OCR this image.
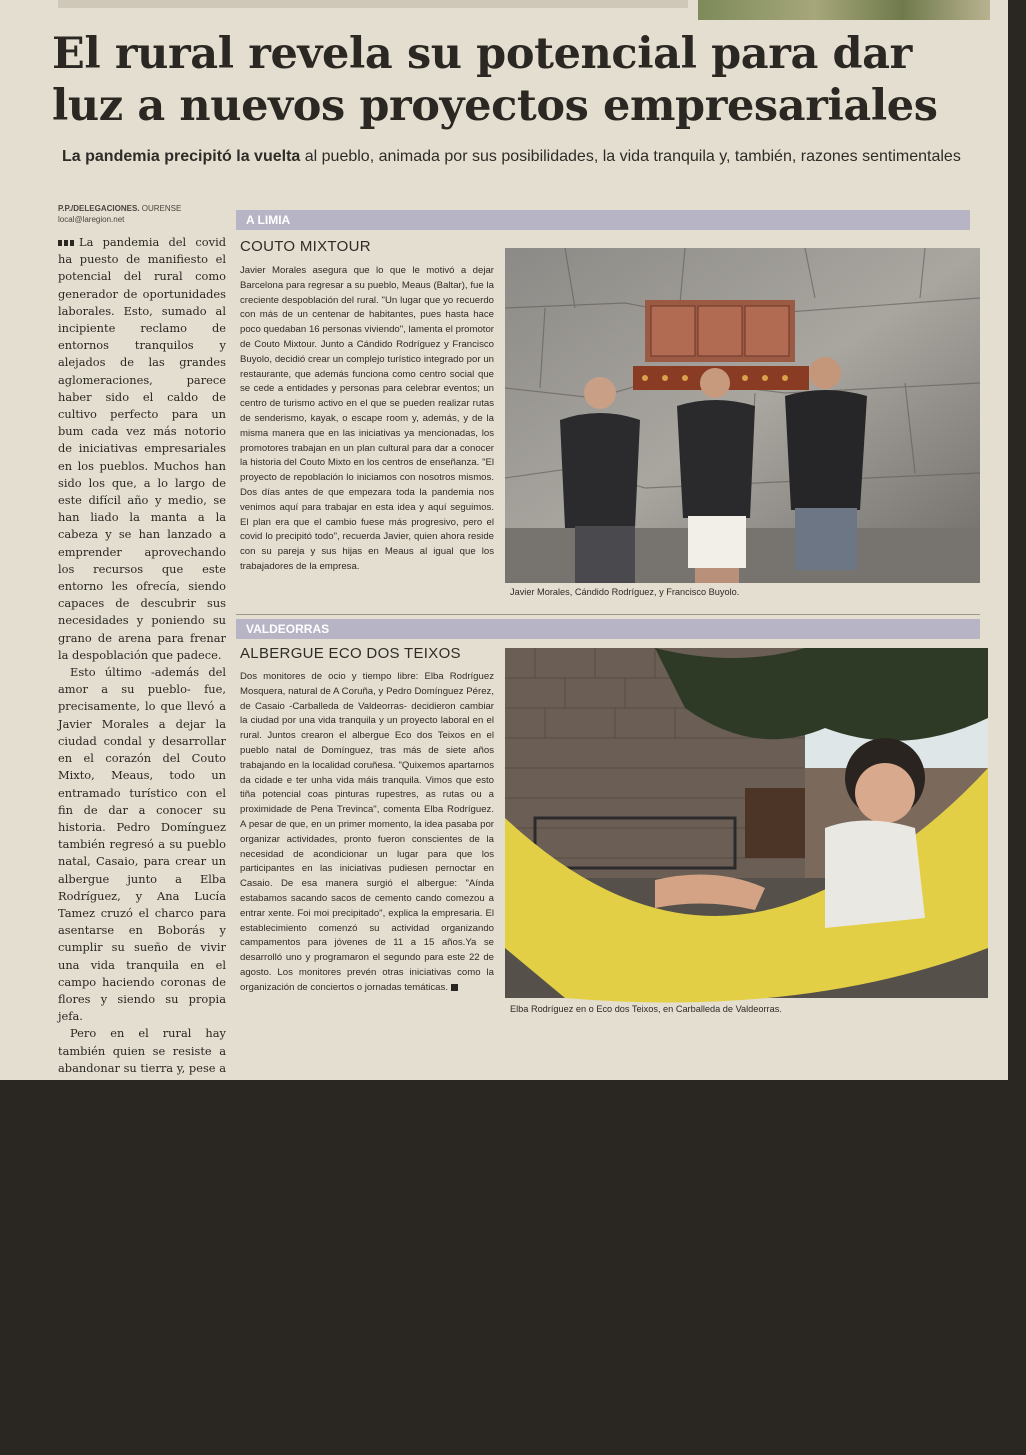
El rural revela su potencial para dar luz a nuevos proyectos empresariales

La pandemia precipitó la vuelta al pueblo, animada por sus posibilidades, la vida tranquila y, también, razones sentimentales

P.P./DELEGACIONES. OURENSE
local@laregion.net

La pandemia del covid ha puesto de manifiesto el potencial del rural como generador de oportunidades laborales. Esto, sumado al incipiente reclamo de entornos tranquilos y alejados de las grandes aglomeraciones, parece haber sido el caldo de cultivo perfecto para un bum cada vez más notorio de iniciativas empresariales en los pueblos. Muchos han sido los que, a lo largo de este difícil año y medio, se han liado la manta a la cabeza y se han lanzado a emprender aprovechando los recursos que este entorno les ofrecía, siendo capaces de descubrir sus necesidades y poniendo su grano de arena para frenar la despoblación que padece.

Esto último -además del amor a su pueblo- fue, precisamente, lo que llevó a Javier Morales a dejar la ciudad condal y desarrollar en el corazón del Couto Mixto, Meaus, todo un entramado turístico con el fin de dar a conocer su historia. Pedro Domínguez también regresó a su pueblo natal, Casaio, para crear un albergue junto a Elba Rodríguez, y Ana Lucía Tamez cruzó el charco para asentarse en Boborás y cumplir su sueño de vivir una vida tranquila en el campo haciendo coronas de flores y siendo su propia jefa.

Pero en el rural hay también quien se resiste a abandonar su tierra y, pese a todo, apuesta por emprender y devolver servicios que se han perdido: es el caso de A Despensa do Búbal, un supermercado en Medeiros que, además, cuenta con servicio de entrega a domicilio: "Eu vivo en Medeiros, gústame esta vida e con este negocio estamos apostando polo rural. Ao final o esforzo ten a súa recompensa", cuenta María Jesús Prieto. También Ángeles González, de Shiitake Trives, defiende el rural: "O meu soño é crear postos de traballo na vila apostando polo rural e a boa calidade de vida que temos".

A LIMIA
COUTO MIXTOUR

Javier Morales asegura que lo que le motivó a dejar Barcelona para regresar a su pueblo, Meaus (Baltar), fue la creciente despoblación del rural. "Un lugar que yo recuerdo con más de un centenar de habitantes, pues hasta hace poco quedaban 16 personas viviendo", lamenta el promotor de Couto Mixtour. Junto a Cándido Rodríguez y Francisco Buyolo, decidió crear un complejo turístico integrado por un restaurante, que además funciona como centro social que se cede a entidades y personas para celebrar eventos; un centro de turismo activo en el que se pueden realizar rutas de senderismo, kayak, o escape room y, además, y de la misma manera que en las iniciativas ya mencionadas, los promotores trabajan en un plan cultural para dar a conocer la historia del Couto Mixto en los centros de enseñanza. "El proyecto de repoblación lo iniciamos con nosotros mismos. Dos días antes de que empezara toda la pandemia nos venimos aquí para trabajar en esta idea y aquí seguimos. El plan era que el cambio fuese más progresivo, pero el covid lo precipitó todo", recuerda Javier, quien ahora reside con su pareja y sus hijas en Meaus al igual que los trabajadores de la empresa.

Javier Morales, Cándido Rodríguez, y Francisco Buyolo.
VALDEORRAS
ALBERGUE ECO DOS TEIXOS

Dos monitores de ocio y tiempo libre: Elba Rodríguez Mosquera, natural de A Coruña, y Pedro Domínguez Pérez, de Casaio -Carballeda de Valdeorras- decidieron cambiar la ciudad por una vida tranquila y un proyecto laboral en el rural. Juntos crearon el albergue Eco dos Teixos en el pueblo natal de Domínguez, tras más de siete años trabajando en la localidad coruñesa. "Quixemos apartarnos da cidade e ter unha vida máis tranquila. Vimos que esto tiña potencial coas pinturas rupestres, as rutas ou a proximidade de Pena Trevinca", comenta Elba Rodríguez. A pesar de que, en un primer momento, la idea pasaba por organizar actividades, pronto fueron conscientes de la necesidad de acondicionar un lugar para que los participantes en las iniciativas pudiesen pernoctar en Casaio. De esa manera surgió el albergue: "Aínda estabamos sacando sacos de cemento cando comezou a entrar xente. Foi moi precipitado", explica la empresaria. El establecimiento comenzó su actividad organizando campamentos para jóvenes de 11 a 15 años.Ya se desarrolló uno y programaron el segundo para este 22 de agosto. Los monitores prevén otras iniciativas como la organización de conciertos o jornadas temáticas.

Elba Rodríguez en o Eco dos Teixos, en Carballeda de Valdeorras.
